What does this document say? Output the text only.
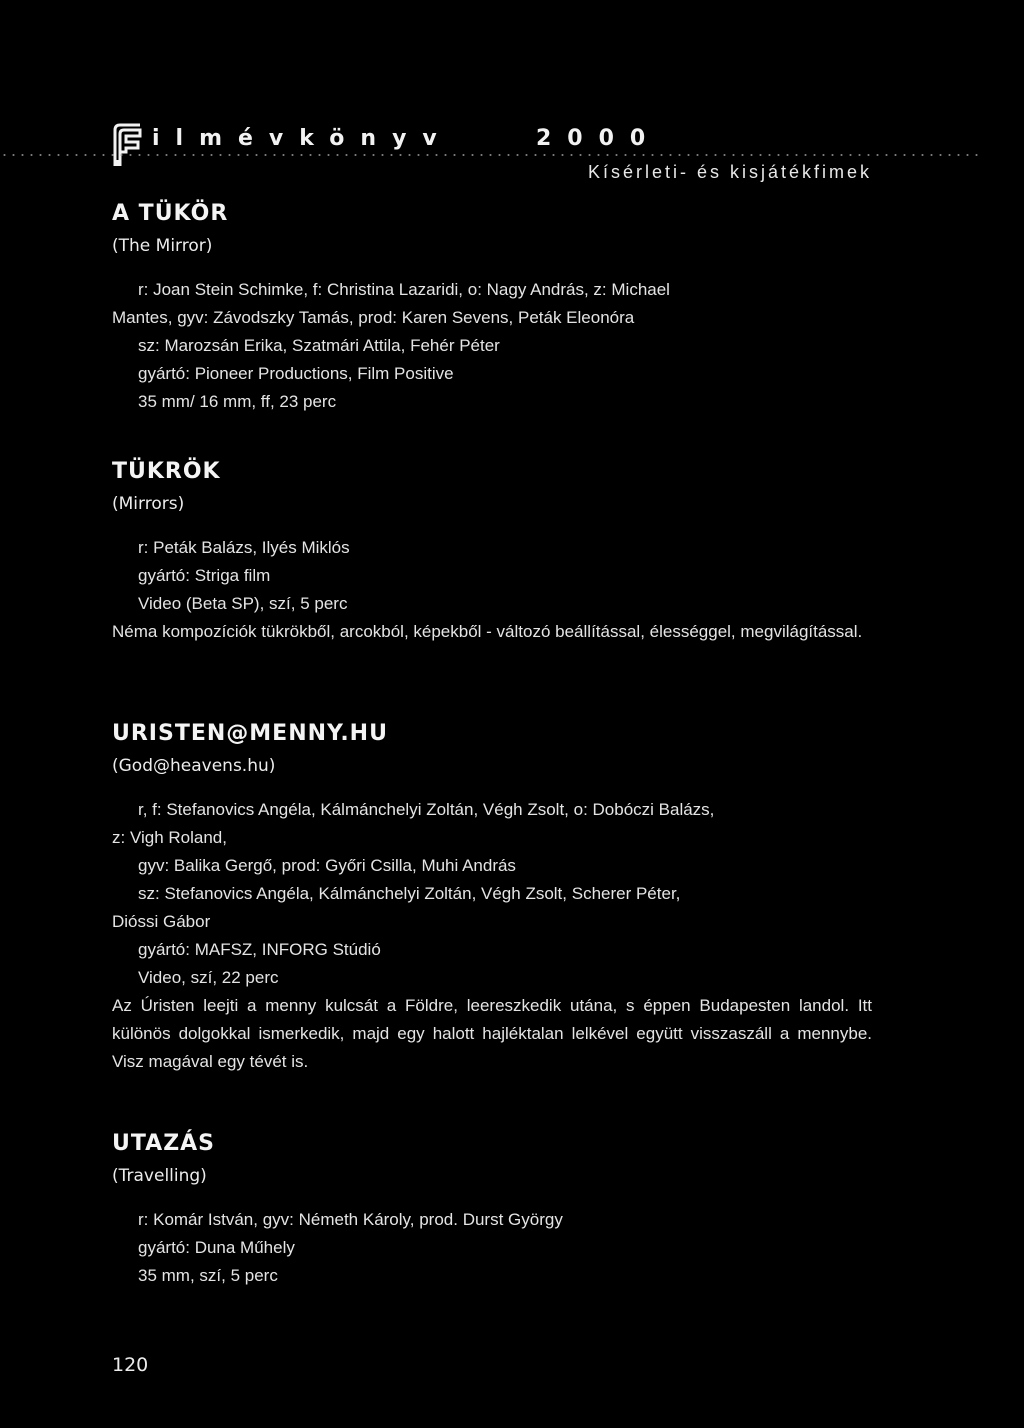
ilmévkönyv	2000
Kísérleti- és kisjátékfimek
A TÜKÖR
(The Mirror)
r: Joan Stein Schimke, f: Christina Lazaridi, o: Nagy András, z: Michael
Mantes, gyv: Závodszky Tamás, prod: Karen Sevens, Peták Eleonóra
sz: Marozsán Erika, Szatmári Attila, Fehér Péter
gyártó: Pioneer Productions, Film Positive
35 mm/ 16 mm, ff, 23 perc
TÜKRÖK
(Mirrors)
r: Peták Balázs, Ilyés Miklós
gyártó: Striga film
Video (Beta SP), szí, 5 perc
Néma kompozíciók tükrökből, arcokból, képekből - változó beállítással, élességgel, megvilágítással.
URISTEN@MENNY.HU
(God@heavens.hu)
r, f: Stefanovics Angéla, Kálmánchelyi Zoltán, Végh Zsolt, o: Dobóczi Balázs,
z: Vigh Roland,
gyv: Balika Gergő, prod: Győri Csilla, Muhi András
sz: Stefanovics Angéla, Kálmánchelyi Zoltán, Végh Zsolt, Scherer Péter,
Dióssi Gábor
gyártó: MAFSZ, INFORG Stúdió
Video, szí, 22 perc
Az Úristen leejti a menny kulcsát a Földre, leereszkedik utána, s éppen Budapesten landol. Itt különös dolgokkal ismerkedik, majd egy halott hajléktalan lelkével együtt visszaszáll a mennybe. Visz magával egy tévét is.
UTAZÁS
(Travelling)
r: Komár István, gyv: Németh Károly, prod. Durst György
gyártó: Duna Műhely
35 mm, szí, 5 perc
120
